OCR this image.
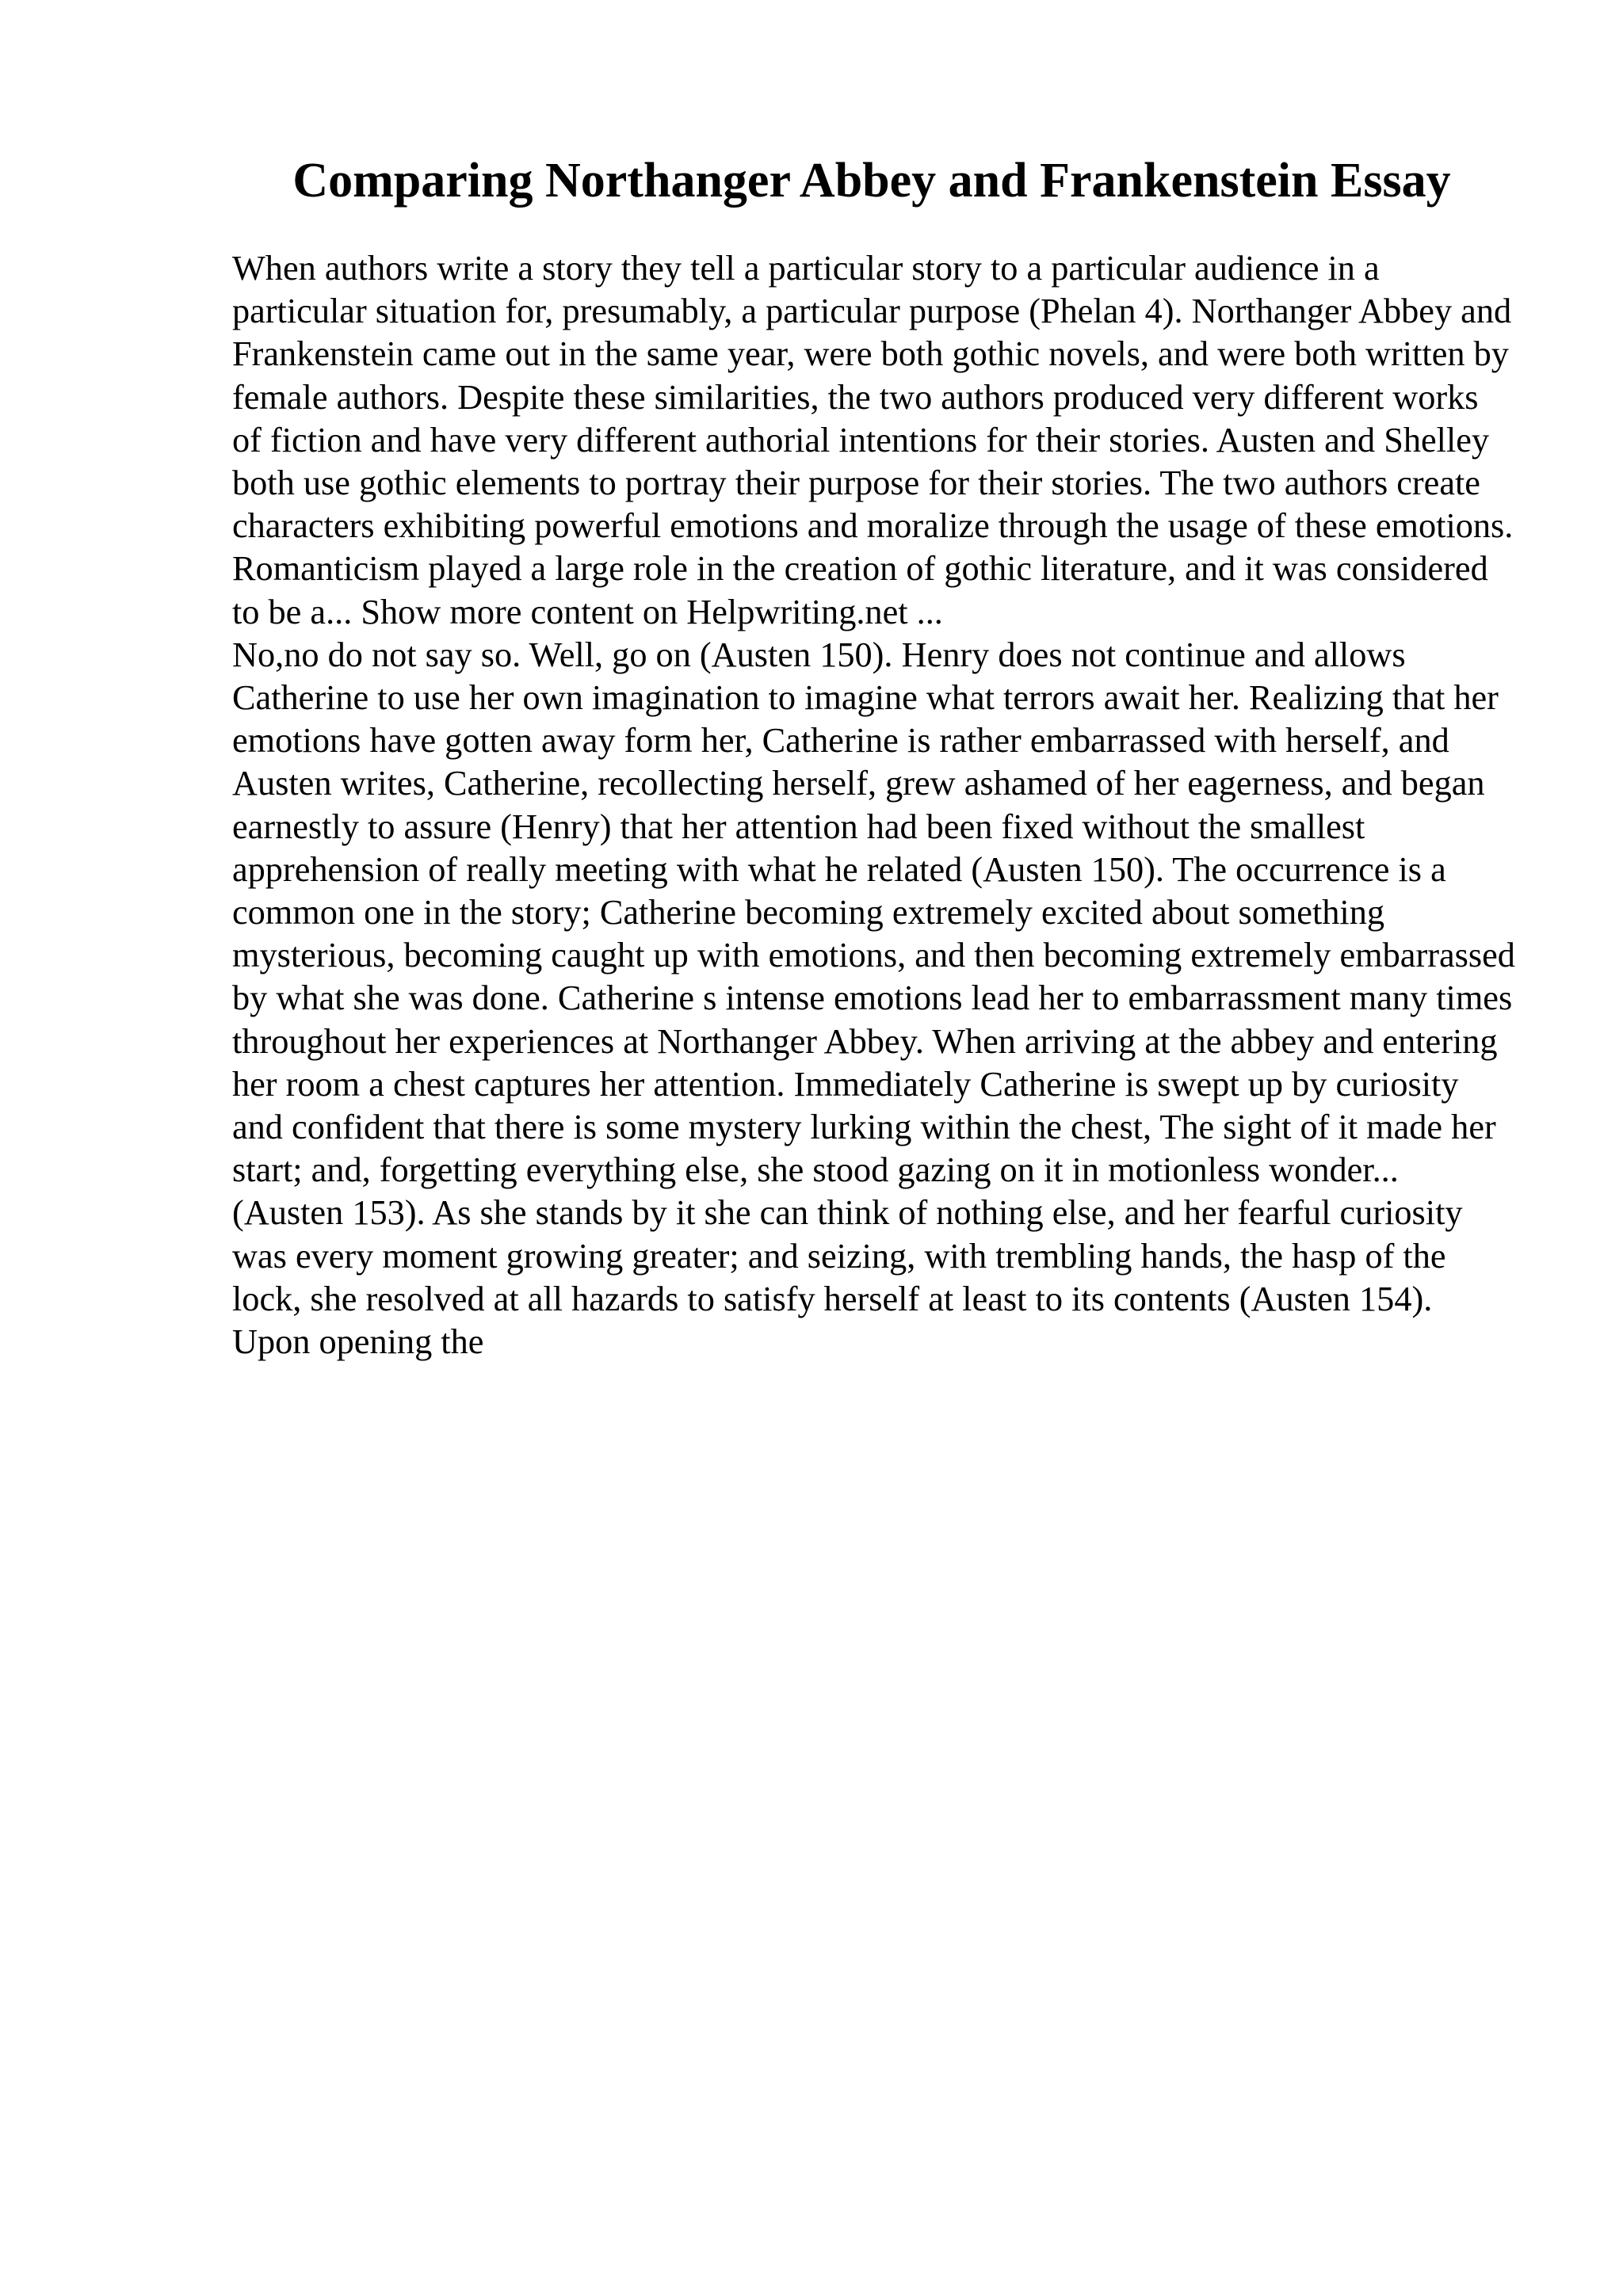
Comparing Northanger Abbey and Frankenstein Essay

When authors write a story they tell a particular story to a particular audience in a particular situation for, presumably, a particular purpose (Phelan 4). Northanger Abbey and Frankenstein came out in the same year, were both gothic novels, and were both written by female authors. Despite these similarities, the two authors produced very different works of fiction and have very different authorial intentions for their stories. Austen and Shelley both use gothic elements to portray their purpose for their stories. The two authors create characters exhibiting powerful emotions and moralize through the usage of these emotions. Romanticism played a large role in the creation of gothic literature, and it was considered to be a... Show more content on Helpwriting.net ...

No,no do not say so. Well, go on (Austen 150). Henry does not continue and allows Catherine to use her own imagination to imagine what terrors await her. Realizing that her emotions have gotten away form her, Catherine is rather embarrassed with herself, and Austen writes, Catherine, recollecting herself, grew ashamed of her eagerness, and began earnestly to assure (Henry) that her attention had been fixed without the smallest apprehension of really meeting with what he related (Austen 150). The occurrence is a common one in the story; Catherine becoming extremely excited about something mysterious, becoming caught up with emotions, and then becoming extremely embarrassed by what she was done. Catherine s intense emotions lead her to embarrassment many times throughout her experiences at Northanger Abbey. When arriving at the abbey and entering her room a chest captures her attention. Immediately Catherine is swept up by curiosity and confident that there is some mystery lurking within the chest, The sight of it made her start; and, forgetting everything else, she stood gazing on it in motionless wonder... (Austen 153). As she stands by it she can think of nothing else, and her fearful curiosity was every moment growing greater; and seizing, with trembling hands, the hasp of the lock, she resolved at all hazards to satisfy herself at least to its contents (Austen 154). Upon opening the
